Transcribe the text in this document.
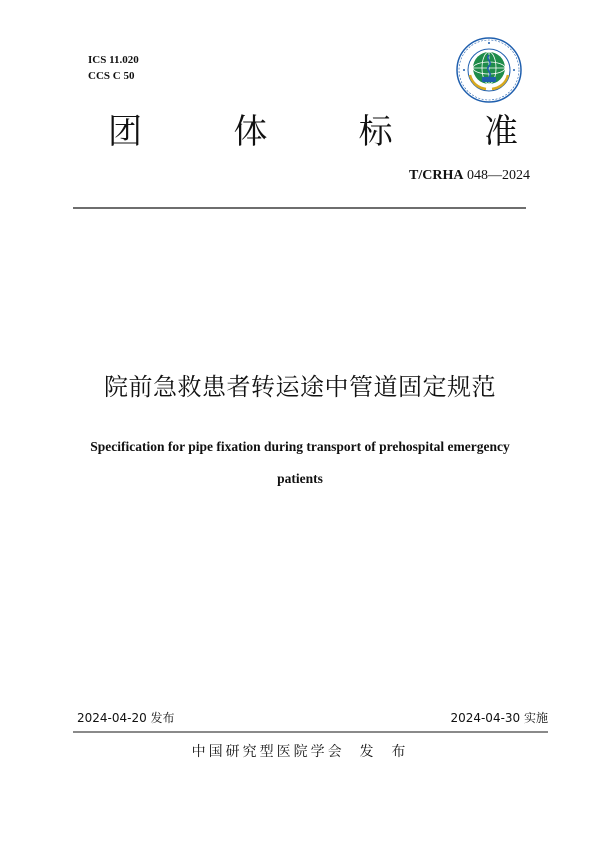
ICS 11.020
CCS C 50
团	体	标	准
T/CRHA 048—2024
院前急救患者转运途中管道固定规范
Specification for pipe fixation during transport of prehospital emergency
patients
2024-04-20 发布	2024-04-30 实施
中国研究型医院学会  发  布
